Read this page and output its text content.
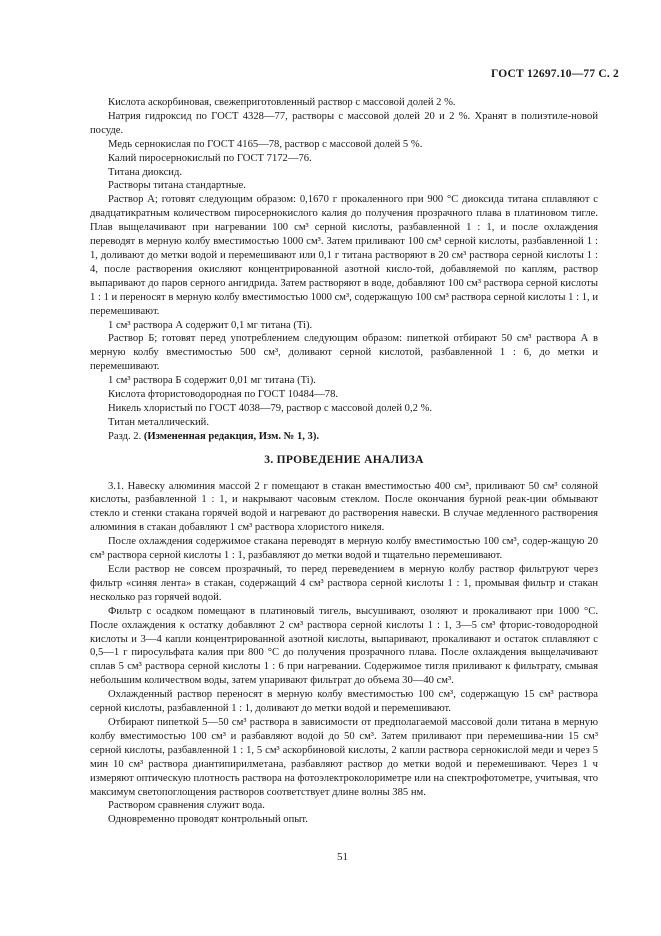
ГОСТ 12697.10—77 С. 2

Кислота аскорбиновая, свежеприготовленный раствор с массовой долей 2 %.

Натрия гидроксид по ГОСТ 4328—77, растворы с массовой долей 20 и 2 %. Хранят в полиэтиле-новой посуде.

Медь сернокислая по ГОСТ 4165—78, раствор с массовой долей 5 %.

Калий пиросернокислый по ГОСТ 7172—76.

Титана диоксид.

Растворы титана стандартные.

Раствор А; готовят следующим образом: 0,1670 г прокаленного при 900 °С диоксида титана сплавляют с двадцатикратным количеством пиросернокислого калия до получения прозрачного плава в платиновом тигле. Плав выщелачивают при нагревании 100 см³ серной кислоты, разбавленной 1 : 1, и после охлаждения переводят в мерную колбу вместимостью 1000 см³. Затем приливают 100 см³ серной кислоты, разбавленной 1 : 1, доливают до метки водой и перемешивают или 0,1 г титана растворяют в 20 см³ раствора серной кислоты 1 : 4, после растворения окисляют концентрированной азотной кисло-той, добавляемой по каплям, раствор выпаривают до паров серного ангидрида. Затем растворяют в воде, добавляют 100 см³ раствора серной кислоты 1 : 1 и переносят в мерную колбу вместимостью 1000 см³, содержащую 100 см³ раствора серной кислоты 1 : 1, и перемешивают.

1 см³ раствора А содержит 0,1 мг титана (Ti).

Раствор Б; готовят перед употреблением следующим образом: пипеткой отбирают 50 см³ раствора А в мерную колбу вместимостью 500 см³, доливают серной кислотой, разбавленной 1 : 6, до метки и перемешивают.

1 см³ раствора Б содержит 0,01 мг титана (Ti).

Кислота фтористоводородная по ГОСТ 10484—78.

Никель хлористый по ГОСТ 4038—79, раствор с массовой долей 0,2 %.

Титан металлический.

Разд. 2. (Измененная редакция, Изм. № 1, 3).

3. ПРОВЕДЕНИЕ АНАЛИЗА

3.1. Навеску алюминия массой 2 г помещают в стакан вместимостью 400 см³, приливают 50 см³ соляной кислоты, разбавленной 1 : 1, и накрывают часовым стеклом. После окончания бурной реак-ции обмывают стекло и стенки стакана горячей водой и нагревают до растворения навески. В случае медленного растворения алюминия в стакан добавляют 1 см³ раствора хлористого никеля.

После охлаждения содержимое стакана переводят в мерную колбу вместимостью 100 см³, содер-жащую 20 см³ раствора серной кислоты 1 : 1, разбавляют до метки водой и тщательно перемешивают.

Если раствор не совсем прозрачный, то перед переведением в мерную колбу раствор фильтруют через фильтр «синяя лента» в стакан, содержащий 4 см³ раствора серной кислоты 1 : 1, промывая фильтр и стакан несколько раз горячей водой.

Фильтр с осадком помещают в платиновый тигель, высушивают, озоляют и прокаливают при 1000 °С. После охлаждения к остатку добавляют 2 см³ раствора серной кислоты 1 : 1, 3—5 см³ фторис-товодородной кислоты и 3—4 капли концентрированной азотной кислоты, выпаривают, прокаливают и остаток сплавляют с 0,5—1 г пиросульфата калия при 800 °С до получения прозрачного плава. После охлаждения выщелачивают сплав 5 см³ раствора серной кислоты 1 : 6 при нагревании. Содержимое тигля приливают к фильтрату, смывая небольшим количеством воды, затем упаривают фильтрат до объема 30—40 см³.

Охлажденный раствор переносят в мерную колбу вместимостью 100 см³, содержащую 15 см³ раствора серной кислоты, разбавленной 1 : 1, доливают до метки водой и перемешивают.

Отбирают пипеткой 5—50 см³ раствора в зависимости от предполагаемой массовой доли титана в мерную колбу вместимостью 100 см³ и разбавляют водой до 50 см³. Затем приливают при перемешива-нии 15 см³ серной кислоты, разбавленной 1 : 1, 5 см³ аскорбиновой кислоты, 2 капли раствора сернокислой меди и через 5 мин 10 см³ раствора диантипирилметана, разбавляют раствор до метки водой и перемешивают. Через 1 ч измеряют оптическую плотность раствора на фотоэлектроколориметре или на спектрофотометре, учитывая, что максимум светопоглощения растворов соответствует длине волны 385 нм.

Раствором сравнения служит вода.

Одновременно проводят контрольный опыт.

51
